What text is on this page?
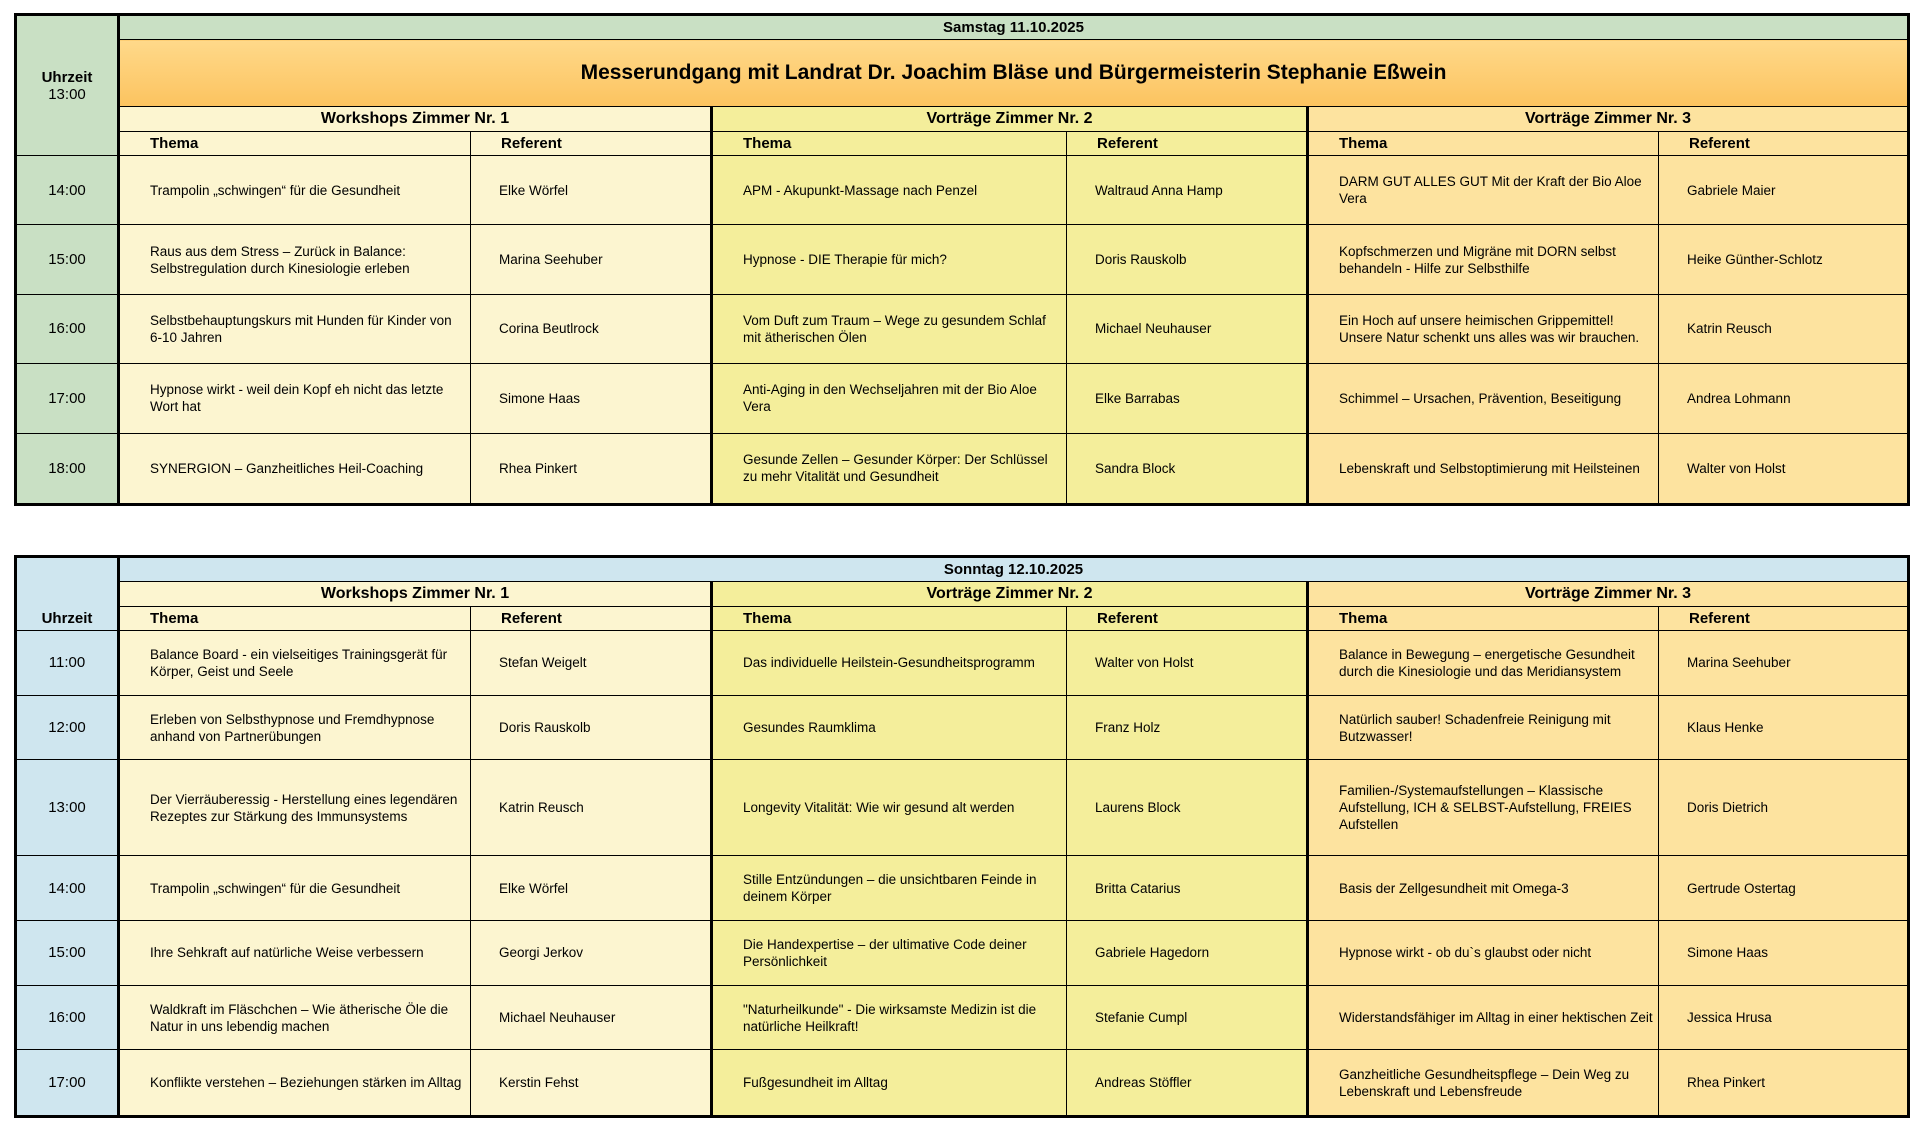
Uhrzeit
13:00	Samstag 11.10.2025					
	Messerundgang mit Landrat Dr. Joachim Bläse und Bürgermeisterin Stephanie Eßwein					
	Workshops Zimmer Nr. 1		Vorträge Zimmer Nr. 2		Vorträge Zimmer Nr. 3	
	Thema	Referent	Thema	Referent	Thema	Referent
14:00	Trampolin „schwingen“ für die Gesundheit	Elke Wörfel	APM - Akupunkt-Massage nach Penzel	Waltraud Anna Hamp	DARM GUT ALLES GUT Mit der Kraft der Bio Aloe Vera	Gabriele Maier
15:00	Raus aus dem Stress – Zurück in Balance: Selbstregulation durch Kinesiologie erleben	Marina Seehuber	Hypnose - DIE Therapie für mich?	Doris Rauskolb	Kopfschmerzen und Migräne mit DORN selbst behandeln - Hilfe zur Selbsthilfe	Heike Günther-Schlotz
16:00	Selbstbehauptungskurs mit Hunden für Kinder von 6-10 Jahren	Corina Beutlrock	Vom Duft zum Traum – Wege zu gesundem Schlaf mit ätherischen Ölen	Michael Neuhauser	Ein Hoch auf unsere heimischen Grippemittel! Unsere Natur schenkt uns alles was wir brauchen.	Katrin Reusch
17:00	Hypnose wirkt - weil dein Kopf eh nicht das letzte Wort hat	Simone Haas	Anti-Aging in den Wechseljahren mit der Bio Aloe Vera	Elke Barrabas	Schimmel – Ursachen, Prävention, Beseitigung	Andrea Lohmann
18:00	SYNERGION – Ganzheitliches Heil-Coaching	Rhea Pinkert	Gesunde Zellen – Gesunder Körper: Der Schlüssel zu mehr Vitalität und Gesundheit	Sandra Block	Lebenskraft und Selbstoptimierung mit Heilsteinen	Walter von Holst
Uhrzeit	Sonntag 12.10.2025					
	Workshops Zimmer Nr. 1		Vorträge Zimmer Nr. 2		Vorträge Zimmer Nr. 3	
	Thema	Referent	Thema	Referent	Thema	Referent
11:00	Balance Board - ein vielseitiges Trainingsgerät für Körper, Geist und Seele	Stefan Weigelt	Das individuelle Heilstein-Gesundheitsprogramm	Walter von Holst	Balance in Bewegung – energetische Gesundheit durch die Kinesiologie und das Meridiansystem	Marina Seehuber
12:00	Erleben von Selbsthypnose und Fremdhypnose anhand von Partnerübungen	Doris Rauskolb	Gesundes Raumklima	Franz Holz	Natürlich sauber! Schadenfreie Reinigung mit Butzwasser!	Klaus Henke
13:00	Der Vierräuberessig - Herstellung eines legendären Rezeptes zur Stärkung des Immunsystems	Katrin Reusch	Longevity Vitalität: Wie wir gesund alt werden	Laurens Block	Familien-/Systemaufstellungen – Klassische Aufstellung, ICH & SELBST-Aufstellung, FREIES Aufstellen	Doris Dietrich
14:00	Trampolin „schwingen“ für die Gesundheit	Elke Wörfel	Stille Entzündungen – die unsichtbaren Feinde in deinem Körper	Britta Catarius	Basis der Zellgesundheit mit Omega-3	Gertrude Ostertag
15:00	Ihre Sehkraft auf natürliche Weise verbessern	Georgi Jerkov	Die Handexpertise – der ultimative Code deiner Persönlichkeit	Gabriele Hagedorn	Hypnose wirkt - ob du`s glaubst oder nicht	Simone Haas
16:00	Waldkraft im Fläschchen – Wie ätherische Öle die Natur in uns lebendig machen	Michael Neuhauser	"Naturheilkunde" - Die wirksamste Medizin ist die natürliche Heilkraft!	Stefanie Cumpl	Widerstandsfähiger im Alltag in einer hektischen Zeit	Jessica Hrusa
17:00	Konflikte verstehen – Beziehungen stärken im Alltag	Kerstin Fehst	Fußgesundheit im Alltag	Andreas Stöffler	Ganzheitliche Gesundheitspflege – Dein Weg zu Lebenskraft und Lebensfreude	Rhea Pinkert
